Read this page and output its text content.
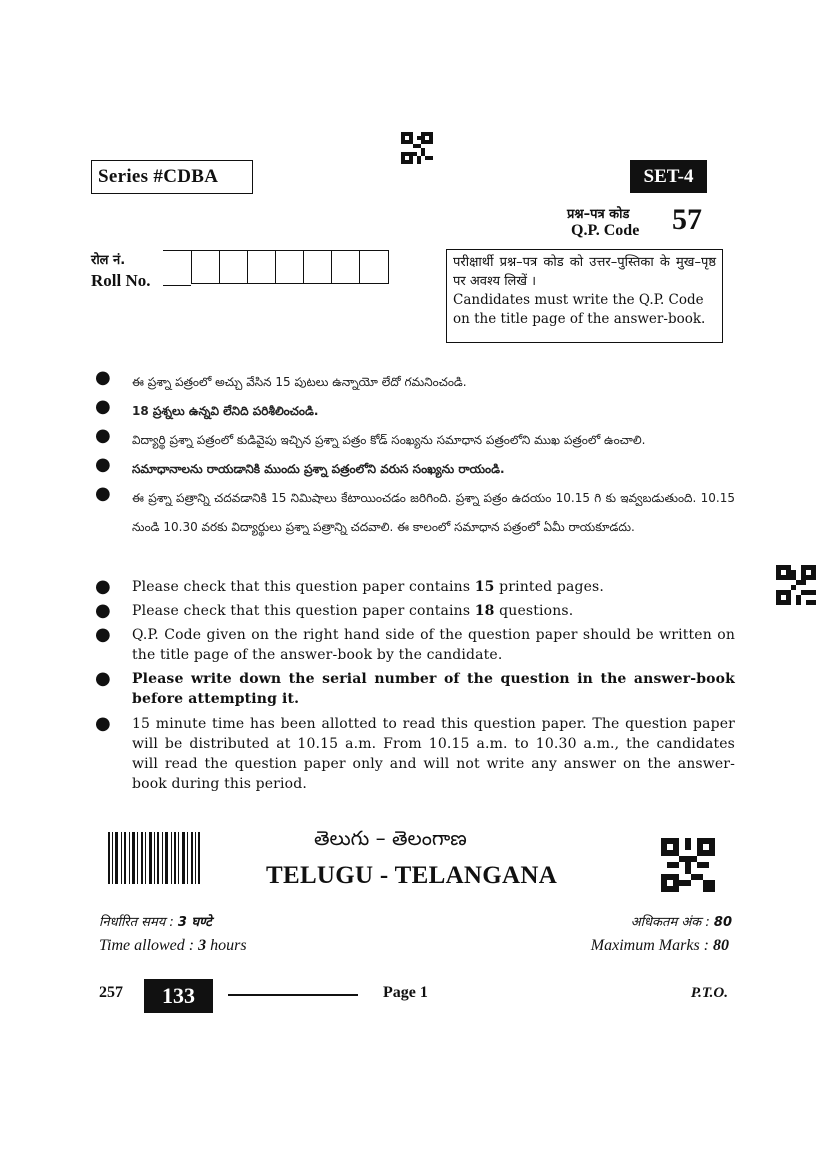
Series #CDBA	SET-4
प्रश्न–पत्र कोड
Q.P. Code 57
रोल नं.
Roll No.
परीक्षार्थी प्रश्न–पत्र कोड को उत्तर–पुस्तिका के मुख–पृष्ठ पर अवश्य लिखें ।
Candidates must write the Q.P. Code on the title page of the answer-book.
●	ఈ ప్రశ్నా పత్రంలో అచ్చు వేసిన 15 పుటలు ఉన్నాయో లేదో గమనించండి.
●	18 ప్రశ్నలు ఉన్నవి లేనిది పరిశీలించండి.
●	విద్యార్థి ప్రశ్నా పత్రంలో కుడివైపు ఇచ్చిన ప్రశ్నా పత్రం కోడ్ సంఖ్యను సమాధాన పత్రంలోని ముఖ పత్రంలో ఉంచాలి.
●	సమాధానాలను రాయడానికి ముందు ప్రశ్నా పత్రంలోని వరుస సంఖ్యను రాయండి.
●	ఈ ప్రశ్నా పత్రాన్ని చదవడానికి 15 నిమిషాలు కేటాయించడం జరిగింది. ప్రశ్నా పత్రం ఉదయం 10.15 గి కు ఇవ్వబడుతుంది. 10.15 నుండి 10.30 వరకు విద్యార్థులు ప్రశ్నా పత్రాన్ని చదవాలి. ఈ కాలంలో సమాధాన పత్రంలో ఏమీ రాయకూడదు.
●	Please check that this question paper contains 15 printed pages.
●	Please check that this question paper contains 18 questions.
●	Q.P. Code given on the right hand side of the question paper should be written on the title page of the answer-book by the candidate.
●	Please write down the serial number of the question in the answer-book before attempting it.
●	15 minute time has been allotted to read this question paper. The question paper will be distributed at 10.15 a.m. From 10.15 a.m. to 10.30 a.m., the candidates will read the question paper only and will not write any answer on the answer-book during this period.
తెలుగు – తెలంగాణ
TELUGU - TELANGANA
निर्धारित समय : 3 घण्टे
Time allowed : 3 hours
अधिकतम अंक : 80
Maximum Marks : 80
257	133	Page 1	P.T.O.
